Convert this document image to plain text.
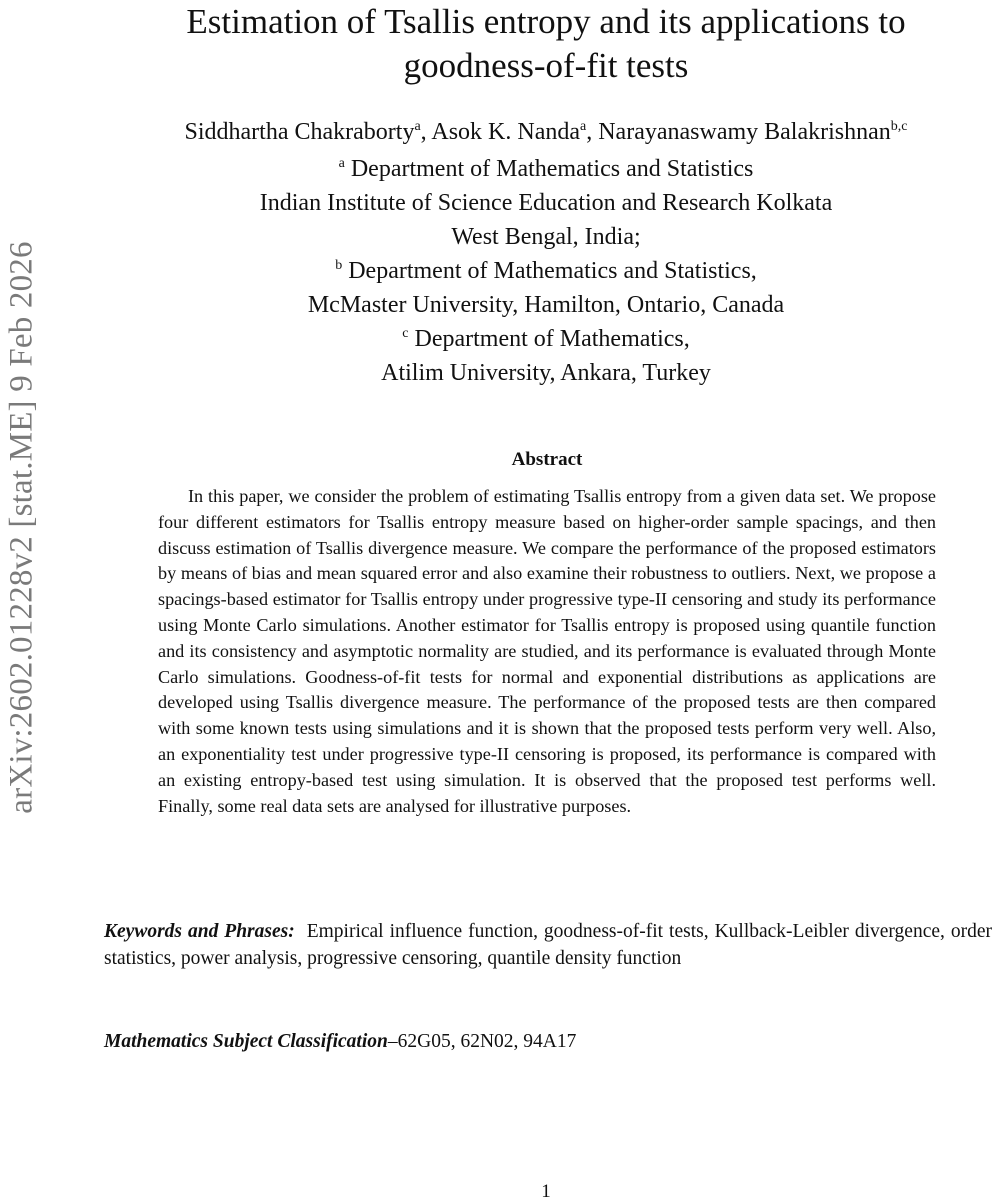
arXiv:2602.01228v2 [stat.ME] 9 Feb 2026
Estimation of Tsallis entropy and its applications to
goodness-of-fit tests
Siddhartha Chakraborty$^a$, Asok K. Nanda$^a$, Narayanaswamy Balakrishnan$^{b,c}$
$^a$ Department of Mathematics and Statistics
Indian Institute of Science Education and Research Kolkata
West Bengal, India;
$^b$ Department of Mathematics and Statistics,
McMaster University, Hamilton, Ontario, Canada
$^c$ Department of Mathematics,
Atilim University, Ankara, Turkey
Abstract

In this paper, we consider the problem of estimating Tsallis entropy from a given data set. We propose four different estimators for Tsallis entropy measure based on higher-order sample spacings, and then discuss estimation of Tsallis divergence measure. We compare the performance of the proposed estimators by means of bias and mean squared error and also examine their robustness to outliers. Next, we propose a spacings-based estimator for Tsallis entropy under progressive type-II censoring and study its performance using Monte Carlo simulations. Another estimator for Tsallis entropy is proposed using quantile function and its consistency and asymptotic normality are studied, and its performance is evaluated through Monte Carlo simulations. Goodness-of-fit tests for normal and exponential distributions as applications are developed using Tsallis divergence measure. The performance of the proposed tests are then compared with some known tests using simulations and it is shown that the proposed tests perform very well. Also, an exponentiality test under progressive type-II censoring is proposed, its performance is compared with an existing entropy-based test using simulation. It is observed that the proposed test performs well. Finally, some real data sets are analysed for illustrative purposes.

Keywords and Phrases: Empirical influence function, goodness-of-fit tests, Kullback-Leibler divergence, order statistics, power analysis, progressive censoring, quantile density function

Mathematics Subject Classification–62G05, 62N02, 94A17

1
